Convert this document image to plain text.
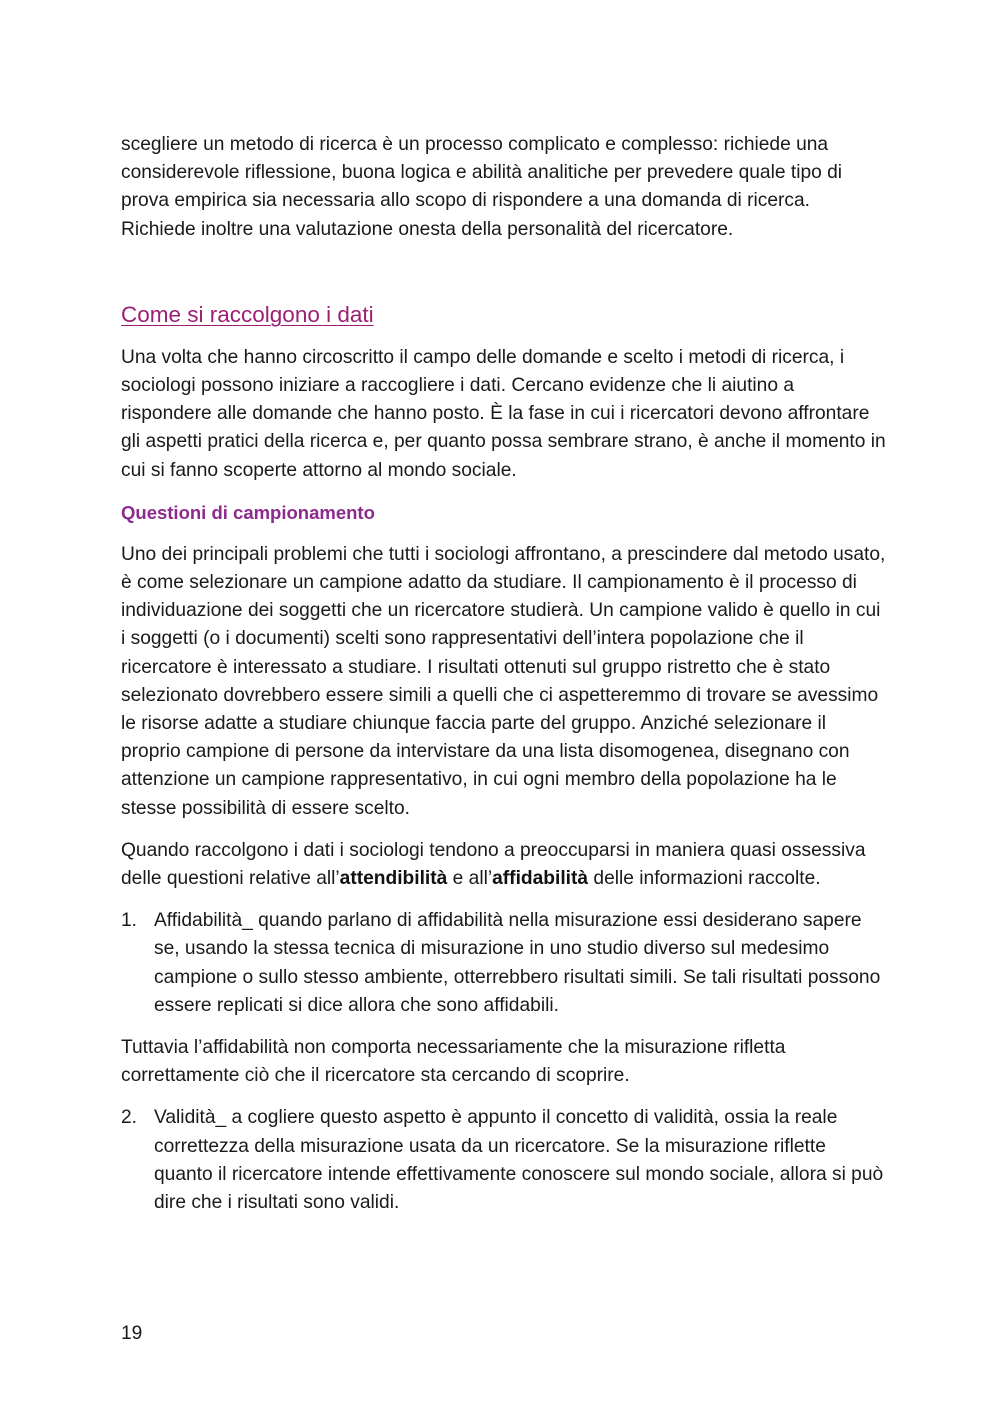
scegliere un metodo di ricerca è un processo complicato e complesso: richiede una considerevole riflessione, buona logica e abilità analitiche per prevedere quale tipo di prova empirica sia necessaria allo scopo di rispondere a una domanda di ricerca. Richiede inoltre una valutazione onesta della personalità del ricercatore.

Come si raccolgono i dati

Una volta che hanno circoscritto il campo delle domande e scelto i metodi di ricerca, i sociologi possono iniziare a raccogliere i dati. Cercano evidenze che li aiutino a rispondere alle domande che hanno posto. È la fase in cui i ricercatori devono affrontare gli aspetti pratici della ricerca e, per quanto possa sembrare strano, è anche il momento in cui si fanno scoperte attorno al mondo sociale.

Questioni di campionamento

Uno dei principali problemi che tutti i sociologi affrontano, a prescindere dal metodo usato, è come selezionare un campione adatto da studiare. Il campionamento è il processo di individuazione dei soggetti che un ricercatore studierà. Un campione valido è quello in cui i soggetti (o i documenti) scelti sono rappresentativi dell’intera popolazione che il ricercatore è interessato a studiare. I risultati ottenuti sul gruppo ristretto che è stato selezionato dovrebbero essere simili a quelli che ci aspetteremmo di trovare se avessimo le risorse adatte a studiare chiunque faccia parte del gruppo. Anziché selezionare il proprio campione di persone da intervistare da una lista disomogenea, disegnano con attenzione un campione rappresentativo, in cui ogni membro della popolazione ha le stesse possibilità di essere scelto.

Quando raccolgono i dati i sociologi tendono a preoccuparsi in maniera quasi ossessiva delle questioni relative all’attendibilità e all’affidabilità delle informazioni raccolte.

1. Affidabilità_ quando parlano di affidabilità nella misurazione essi desiderano sapere se, usando la stessa tecnica di misurazione in uno studio diverso sul medesimo campione o sullo stesso ambiente, otterrebbero risultati simili. Se tali risultati possono essere replicati si dice allora che sono affidabili.

Tuttavia l’affidabilità non comporta necessariamente che la misurazione rifletta correttamente ciò che il ricercatore sta cercando di scoprire.

2. Validità_ a cogliere questo aspetto è appunto il concetto di validità, ossia la reale correttezza della misurazione usata da un ricercatore. Se la misurazione riflette quanto il ricercatore intende effettivamente conoscere sul mondo sociale, allora si può dire che i risultati sono validi.
19
